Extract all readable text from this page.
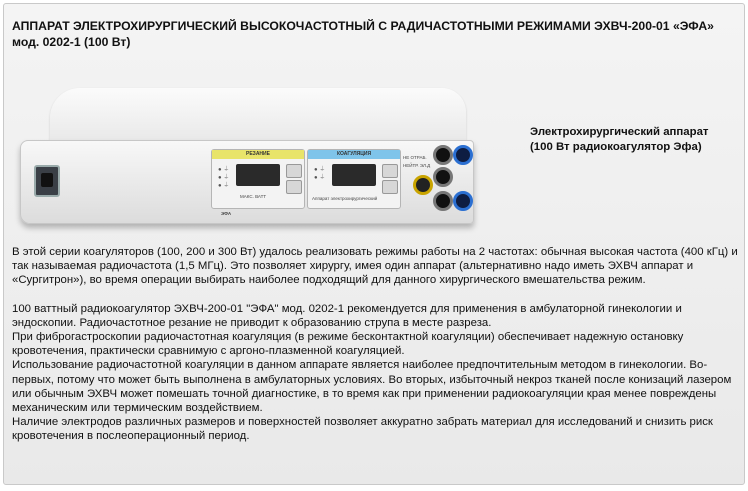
АППАРАТ ЭЛЕКТРОХИРУРГИЧЕСКИЙ ВЫСОКОЧАСТОТНЫЙ С РАДИЧАСТОТНЫМИ РЕЖИМАМИ ЭХВЧ-200-01 «ЭФА»
мод. 0202-1 (100 Вт)
РЕЗАНИЕ
● ⏚
● ⏚
● ⏚
МАКС. ВАТТ
КОАГУЛЯЦИЯ
● ⏚
● ⏚
Аппарат электрохирургический
НЕ ОТРАБ.
НЕЙТР. ЭЛ.Д
ЭФА
Электрохирургический аппарат
(100 Вт радиокоагулятор Эфа)

В этой серии коагуляторов (100, 200 и 300 Вт) удалось реализовать режимы работы на 2 частотах: обычная высокая частота (400 кГц) и так называемая радиочастота (1,5 МГц). Это позволяет хирургу, имея один аппарат (альтернативно надо иметь ЭХВЧ аппарат и «Сургитрон»), во время операции выбирать наиболее подходящий для данного хирургического вмешательства режим.

100 ваттный радиокоагулятор ЭХВЧ-200-01 "ЭФА" мод. 0202-1 рекомендуется для применения в амбулаторной гинекологии и эндоскопии. Радиочастотное резание не приводит к образованию струпа в месте разреза.

При фиброгастроскопии радиочастотная коагуляция (в режиме бесконтактной коагуляции) обеспечивает надежную остановку кровотечения, практически сравнимую с аргоно-плазменной коагуляцией.

Использование радиочастотной коагуляции в данном аппарате является наиболее предпочтительным методом в гинекологии. Во-первых, потому что может быть выполнена в амбулаторных условиях. Во вторых, избыточный некроз тканей после конизаций лазером или обычным ЭХВЧ может помешать точной диагностике, в то время как при применении радиокоагуляции края менее повреждены механическим или термическим воздействием.

Наличие электродов различных размеров и поверхностей позволяет аккуратно забрать материал для исследований и снизить риск кровотечения в послеоперационный период.
